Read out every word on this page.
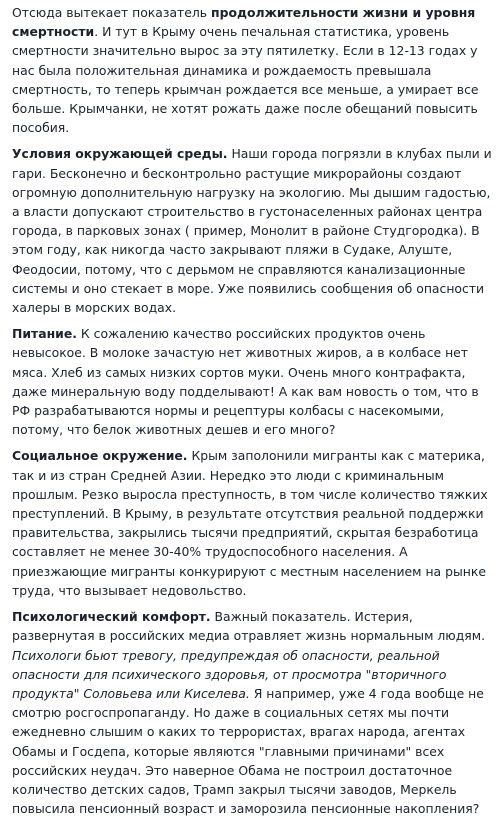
Отсюда вытекает показатель продолжительности жизни и уровня смертности. И тут в Крыму очень печальная статистика, уровень смертности значительно вырос за эту пятилетку. Если в 12-13 годах у нас была положительная динамика и рождаемость превышала смертность, то теперь крымчан рождается все меньше, а умирает все больше. Крымчанки, не хотят рожать даже после обещаний повысить пособия.

Условия окружающей среды. Наши города погрязли в клубах пыли и гари. Бесконечно и бесконтрольно растущие микрорайоны создают огромную дополнительную нагрузку на экологию. Мы дышим гадостью, а власти допускают строительство в густонаселенных районах центра города, в парковых зонах ( пример, Монолит в районе Студгородка). В этом году, как никогда часто закрывают пляжи в Судаке, Алуште, Феодосии, потому, что с дерьмом не справляются канализационные системы и оно стекает в море. Уже появились сообщения об опасности халеры в морских водах.

Питание. К сожалению качество российских продуктов очень невысокое. В молоке зачастую нет животных жиров, а в колбасе нет мяса. Хлеб из самых низких сортов муки. Очень много контрафакта, даже минеральную воду подделывают! А как вам новость о том, что в РФ разрабатываются нормы и рецептуры колбасы с насекомыми, потому, что белок животных дешев и его много?

Социальное окружение. Крым заполонили мигранты как с материка, так и из стран Средней Азии. Нередко это люди с криминальным прошлым. Резко выросла преступность, в том числе количество тяжких преступлений. В Крыму, в результате отсутствия реальной поддержки правительства, закрылись тысячи предприятий, скрытая безработица составляет не менее 30-40% трудоспособного населения. А приезжающие мигранты конкурируют с местным населением на рынке труда, что вызывает недовольство.

Психологический комфорт. Важный показатель. Истерия, развернутая в российских медиа отравляет жизнь нормальным людям. Психологи бьют тревогу, предупреждая об опасности, реальной опасности для психического здоровья, от просмотра "вторичного продукта" Соловьева или Киселева. Я например, уже 4 года вообще не смотрю росгоспропаганду. Но даже в социальных сетях мы почти ежедневно слышим о каких то террористах, врагах народа, агентах Обамы и Госдепа, которые являются "главными причинами" всех российских неудач. Это наверное Обама не построил достаточное количество детских садов, Трамп закрыл тысячи заводов, Меркель повысила пенсионный возраст и заморозила пенсионные накопления?
